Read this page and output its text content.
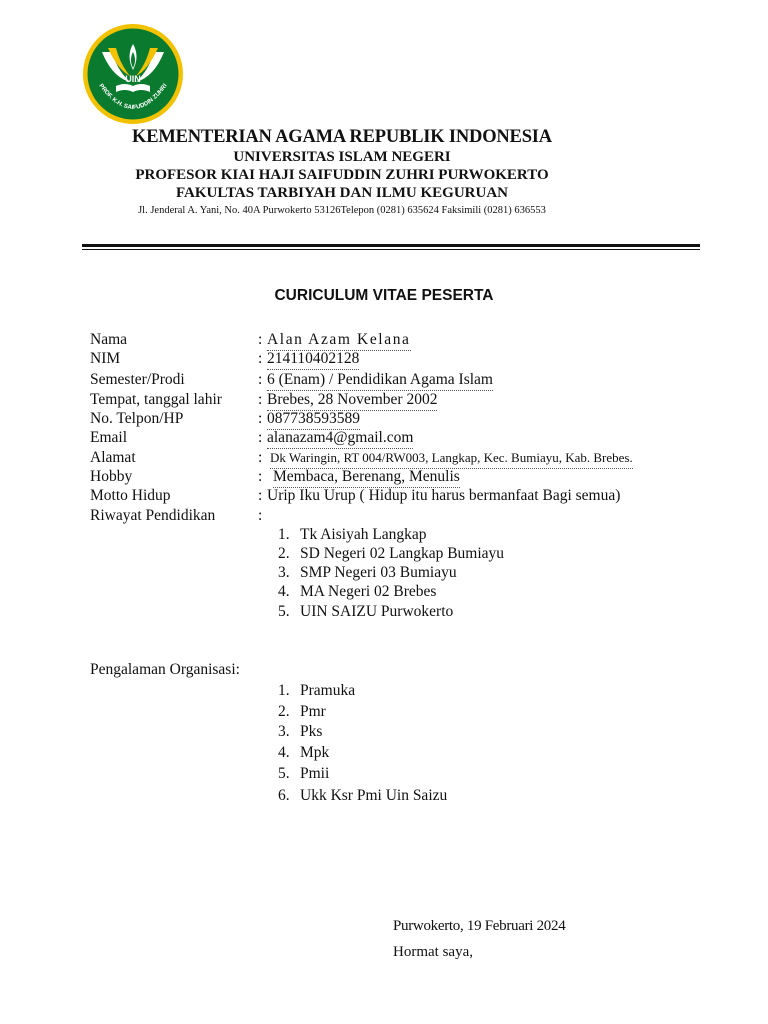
UIN
PROF. K.H. SAIFUDDIN ZUHRI
KEMENTERIAN AGAMA REPUBLIK INDONESIA
UNIVERSITAS ISLAM NEGERI
PROFESOR KIAI HAJI SAIFUDDIN ZUHRI PURWOKERTO
FAKULTAS TARBIYAH DAN ILMU KEGURUAN
Jl. Jenderal A. Yani, No. 40A Purwokerto 53126Telepon (0281) 635624 Faksimili (0281) 636553
CURICULUM VITAE PESERTA
Nama	: Alan Azam Kelana
NIM	: 214110402128
Semester/Prodi	: 6 (Enam) / Pendidikan Agama Islam
Tempat, tanggal lahir : Brebes, 28 November 2002
No. Telpon/HP	: 087738593589
Email	: alanazam4@gmail.com
Alamat	: Dk Waringin, RT 004/RW003, Langkap, Kec. Bumiayu, Kab. Brebes.
Hobby	: Membaca, Berenang, Menulis
Motto Hidup	: Urip Iku Urup ( Hidup itu harus bermanfaat Bagi semua)
Riwayat Pendidikan	:
1. Tk Aisiyah Langkap
2. SD Negeri 02 Langkap Bumiayu
3. SMP Negeri 03 Bumiayu
4. MA Negeri 02 Brebes
5. UIN SAIZU Purwokerto
Pengalaman Organisasi:
1. Pramuka
2. Pmr
3. Pks
4. Mpk
5. Pmii
6. Ukk Ksr Pmi Uin Saizu
Purwokerto, 19 Februari 2024
Hormat saya,
